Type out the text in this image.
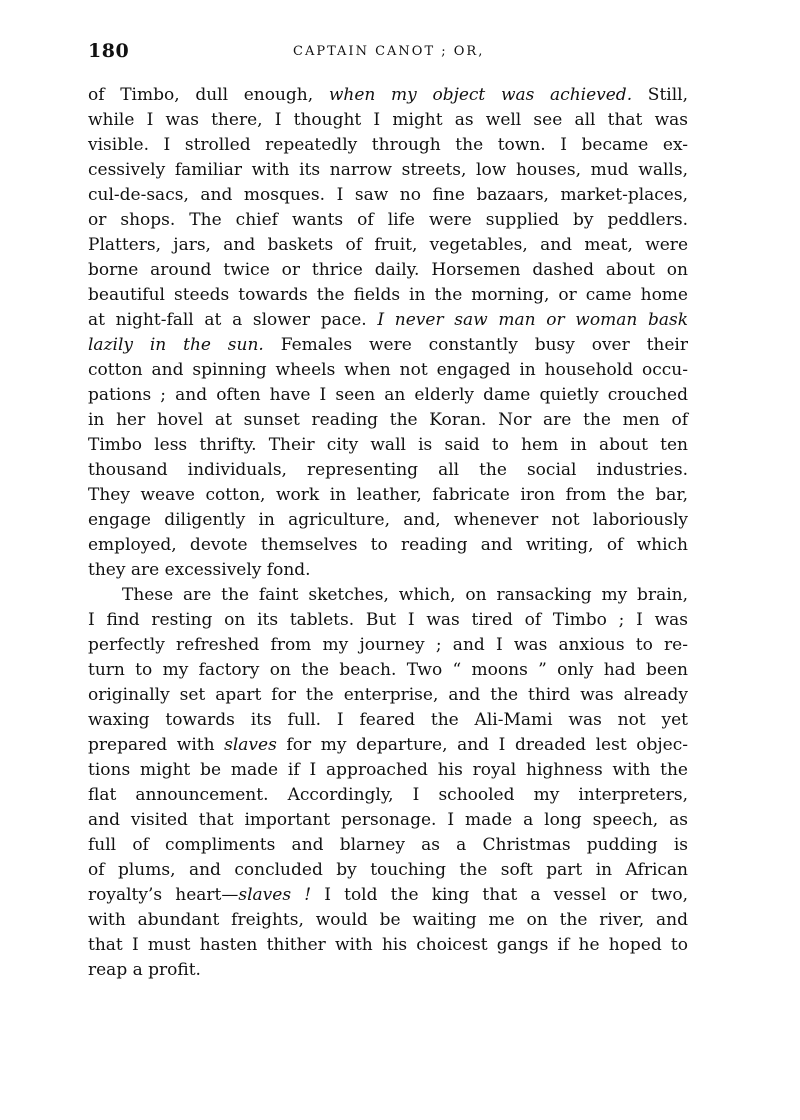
180	CAPTAIN CANOT ; OR,
of Timbo, dull enough, when my object was achieved. Still,
while I was there, I thought I might as well see all that was
visible. I strolled repeatedly through the town. I became ex-
cessively familiar with its narrow streets, low houses, mud walls,
cul-de-sacs, and mosques. I saw no fine bazaars, market-places,
or shops. The chief wants of life were supplied by peddlers.
Platters, jars, and baskets of fruit, vegetables, and meat, were
borne around twice or thrice daily. Horsemen dashed about on
beautiful steeds towards the fields in the morning, or came home
at night-fall at a slower pace. I never saw man or woman bask
lazily in the sun. Females were constantly busy over their
cotton and spinning wheels when not engaged in household occu-
pations ; and often have I seen an elderly dame quietly crouched
in her hovel at sunset reading the Koran. Nor are the men of
Timbo less thrifty. Their city wall is said to hem in about ten
thousand individuals, representing all the social industries.
They weave cotton, work in leather, fabricate iron from the bar,
engage diligently in agriculture, and, whenever not laboriously
employed, devote themselves to reading and writing, of which
they are excessively fond.
These are the faint sketches, which, on ransacking my brain,
I find resting on its tablets. But I was tired of Timbo ; I was
perfectly refreshed from my journey ; and I was anxious to re-
turn to my factory on the beach. Two “ moons ” only had been
originally set apart for the enterprise, and the third was already
waxing towards its full. I feared the Ali-Mami was not yet
prepared with slaves for my departure, and I dreaded lest objec-
tions might be made if I approached his royal highness with the
flat announcement. Accordingly, I schooled my interpreters,
and visited that important personage. I made a long speech, as
full of compliments and blarney as a Christmas pudding is
of plums, and concluded by touching the soft part in African
royalty’s heart—slaves ! I told the king that a vessel or two,
with abundant freights, would be waiting me on the river, and
that I must hasten thither with his choicest gangs if he hoped to
reap a profit.
